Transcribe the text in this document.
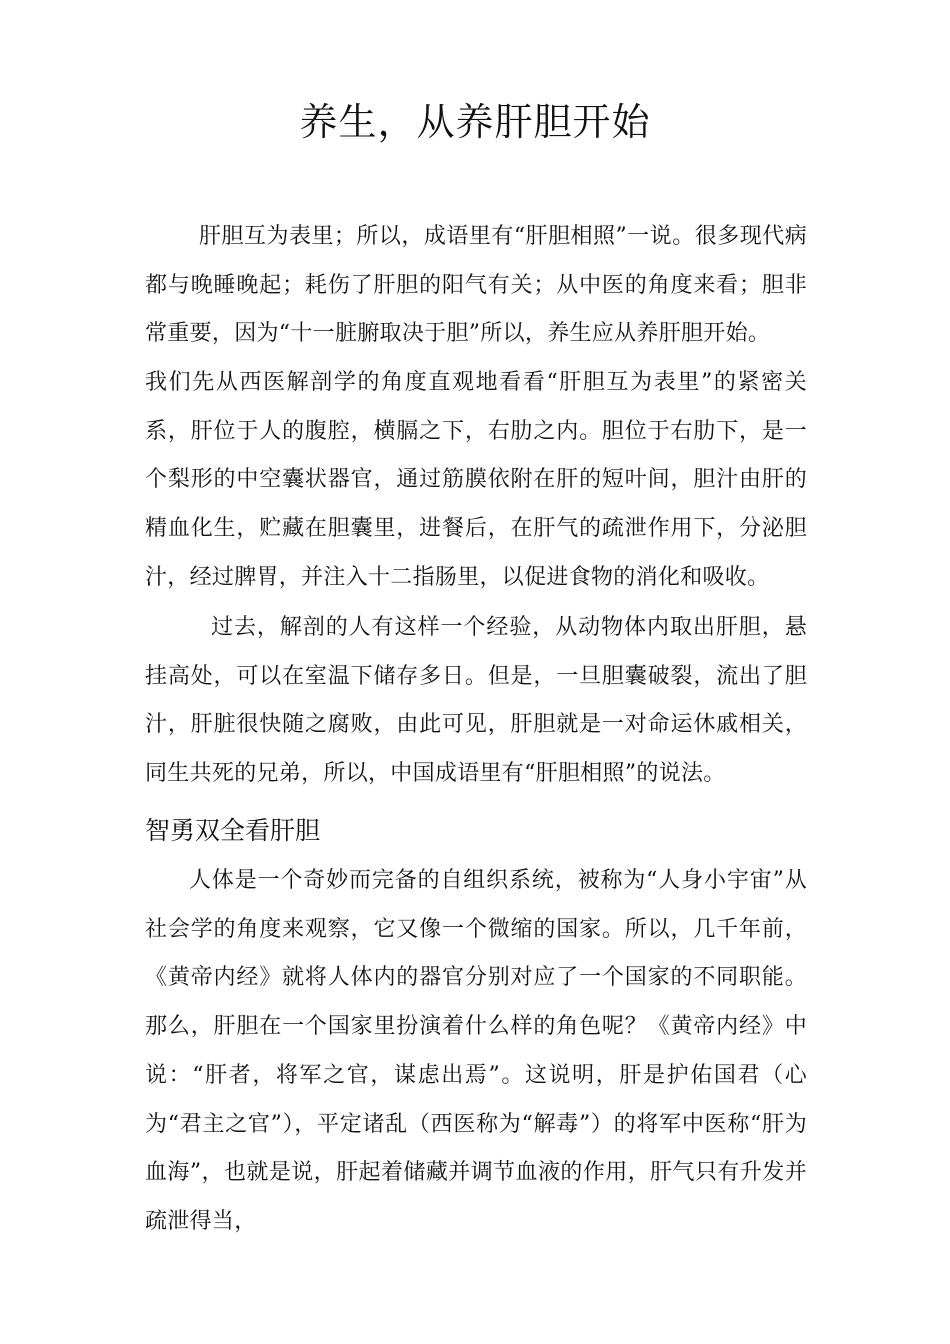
养生，从养肝胆开始
肝胆互为表里；所以，成语里有“肝胆相照”一说。很多现代病都与晚睡晚起；耗伤了肝胆的阳气有关；从中医的角度来看；胆非常重要，因为“十一脏腑取决于胆”所以，养生应从养肝胆开始。
我们先从西医解剖学的角度直观地看看“肝胆互为表里”的紧密关系，肝位于人的腹腔，横膈之下，右肋之内。胆位于右肋下，是一个梨形的中空囊状器官，通过筋膜依附在肝的短叶间，胆汁由肝的精血化生，贮藏在胆囊里，进餐后，在肝气的疏泄作用下，分泌胆汁，经过脾胃，并注入十二指肠里，以促进食物的消化和吸收。
过去，解剖的人有这样一个经验，从动物体内取出肝胆，悬挂高处，可以在室温下储存多日。但是，一旦胆囊破裂，流出了胆汁，肝脏很快随之腐败，由此可见，肝胆就是一对命运休戚相关，同生共死的兄弟，所以，中国成语里有“肝胆相照”的说法。
智勇双全看肝胆
人体是一个奇妙而完备的自组织系统，被称为“人身小宇宙”从社会学的角度来观察，它又像一个微缩的国家。所以，几千年前，《黄帝内经》就将人体内的器官分别对应了一个国家的不同职能。那么，肝胆在一个国家里扮演着什么样的角色呢？《黄帝内经》中说：“肝者，将军之官，谋虑出焉”。这说明，肝是护佑国君（心为“君主之官”），平定诸乱（西医称为“解毒”）的将军中医称“肝为血海”，也就是说，肝起着储藏并调节血液的作用，肝气只有升发并疏泄得当，
